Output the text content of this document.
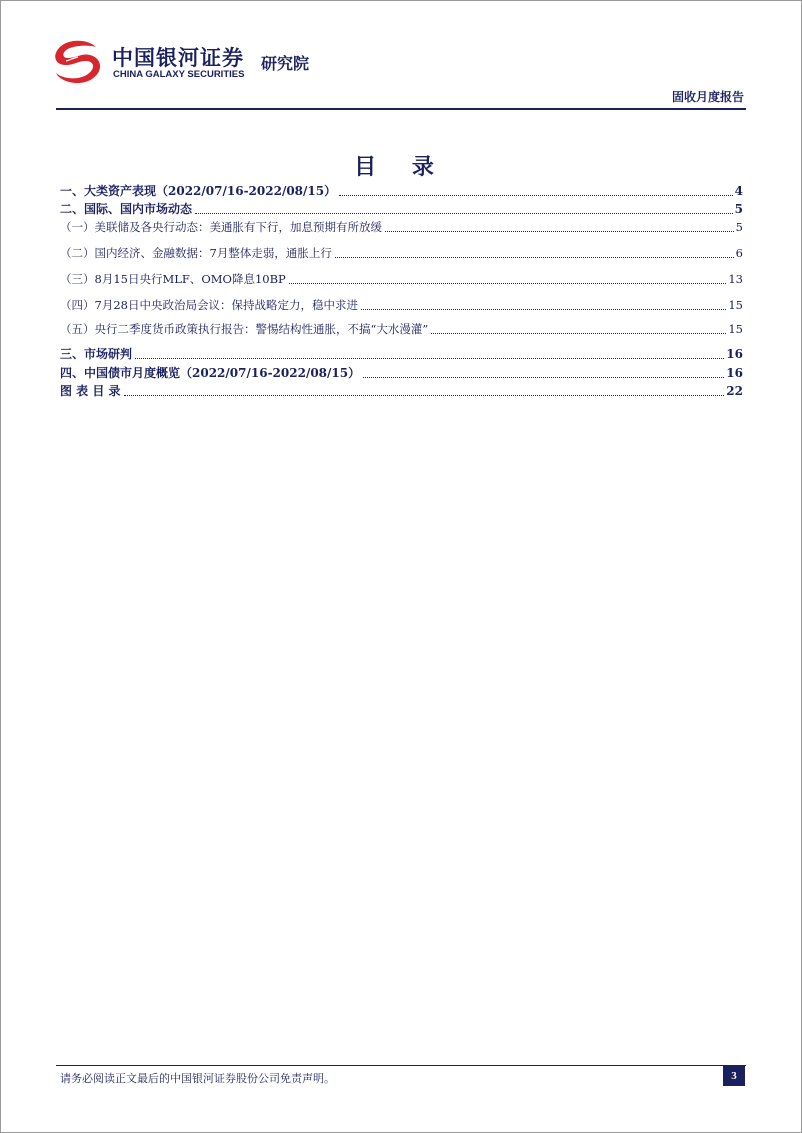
中国银河证券
CHINA GALAXY SECURITIES
研究院
固收月度报告
目 录
一、大类资产表现（2022/07/16-2022/08/15）	4
二、国际、国内市场动态	5
（一）美联储及各央行动态：美通胀有下行，加息预期有所放缓	5
（二）国内经济、金融数据：7月整体走弱，通胀上行	6
（三）8月15日央行MLF、OMO降息10BP	13
（四）7月28日中央政治局会议：保持战略定力，稳中求进	15
（五）央行二季度货币政策执行报告：警惕结构性通胀，不搞“大水漫灌”	15
三、市场研判	16
四、中国债市月度概览（2022/07/16-2022/08/15）	16
图 表 目 录	22
请务必阅读正文最后的中国银河证券股份公司免责声明。	3
